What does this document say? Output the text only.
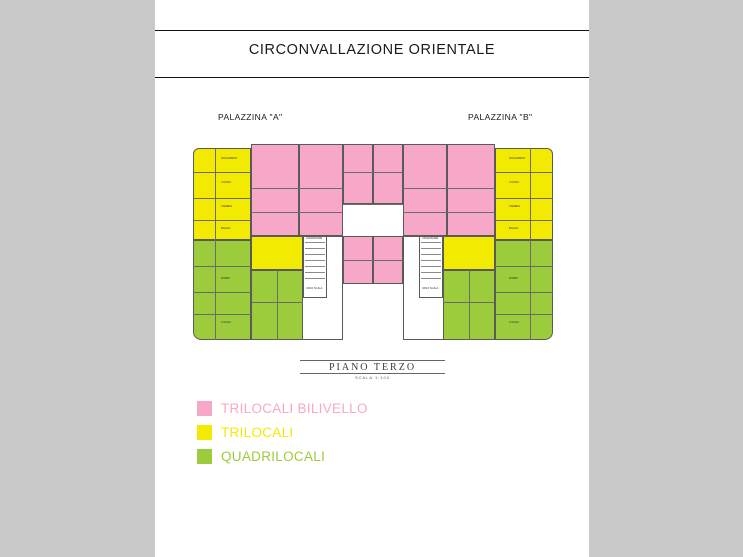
CIRCONVALLAZIONE ORIENTALE
PALAZZINA "A"	PALAZZINA "B"
SOGGIORNO
CUCINA
CAMERA
BAGNO
DISIMP.
LOGGIA
SOGGIORNO
CUCINA
CAMERA
BAGNO
DISIMP.
LOGGIA
VANO SCALA
ASCENSORE
VANO SCALA
ASCENSORE
PIANO TERZO
SCALA 1:100
TRILOCALI BILIVELLO
TRILOCALI
QUADRILOCALI
